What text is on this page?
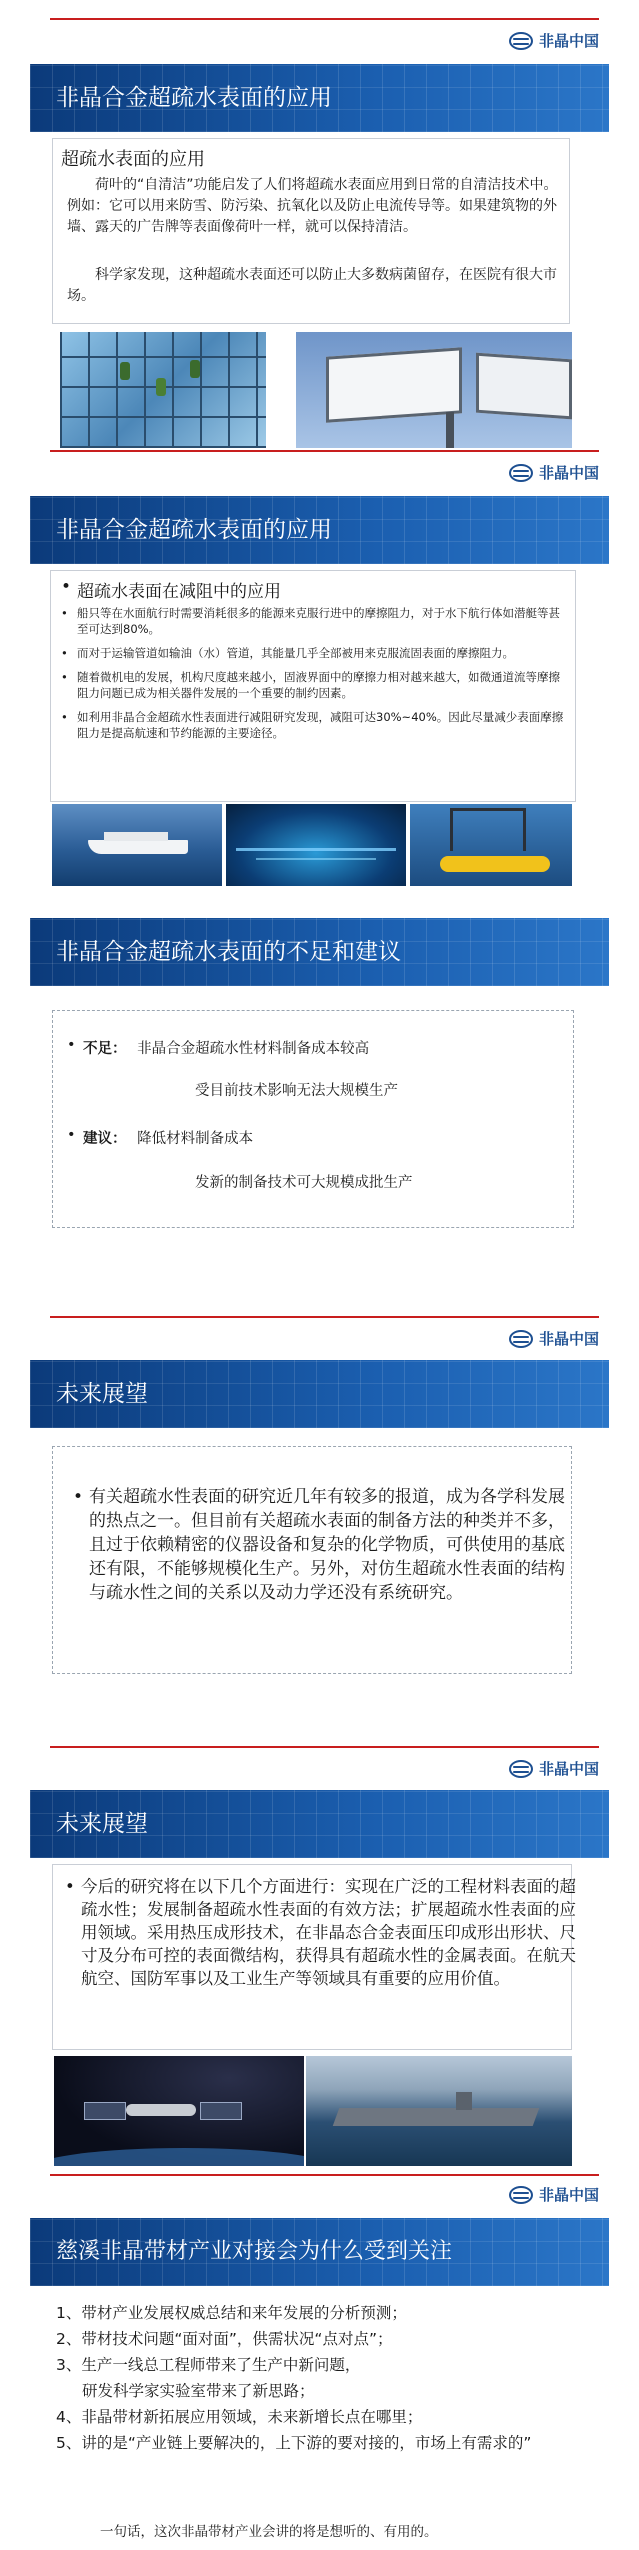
非晶中国
非晶合金超疏水表面的应用
超疏水表面的应用
荷叶的“自清洁”功能启发了人们将超疏水表面应用到日常的自清洁技术中。例如：它可以用来防雪、防污染、抗氧化以及防止电流传导等。如果建筑物的外墙、露天的广告牌等表面像荷叶一样，就可以保持清洁。
科学家发现，这种超疏水表面还可以防止大多数病菌留存，在医院有很大市场。
非晶中国
非晶合金超疏水表面的应用
• 超疏水表面在减阻中的应用
• 船只等在水面航行时需要消耗很多的能源来克服行进中的摩擦阻力，对于水下航行体如潜艇等甚至可达到80%。
• 而对于运输管道如输油（水）管道，其能量几乎全部被用来克服流固表面的摩擦阻力。
• 随着微机电的发展，机构尺度越来越小，固液界面中的摩擦力相对越来越大，如微通道流等摩擦阻力问题已成为相关器件发展的一个重要的制约因素。
• 如利用非晶合金超疏水性表面进行减阻研究发现，减阻可达30%~40%。因此尽量减少表面摩擦阻力是提高航速和节约能源的主要途径。
非晶合金超疏水表面的不足和建议
• 不足： 非晶合金超疏水性材料制备成本较高
受目前技术影响无法大规模生产
• 建议： 降低材料制备成本
发新的制备技术可大规模成批生产
非晶中国
未来展望
• 有关超疏水性表面的研究近几年有较多的报道，成为各学科发展的热点之一。但目前有关超疏水表面的制备方法的种类并不多，且过于依赖精密的仪器设备和复杂的化学物质，可供使用的基底还有限，不能够规模化生产。另外，对仿生超疏水性表面的结构与疏水性之间的关系以及动力学还没有系统研究。
非晶中国
未来展望
• 今后的研究将在以下几个方面进行：实现在广泛的工程材料表面的超疏水性；发展制备超疏水性表面的有效方法；扩展超疏水性表面的应用领域。采用热压成形技术，在非晶态合金表面压印成形出形状、尺寸及分布可控的表面微结构，获得具有超疏水性的金属表面。在航天航空、国防军事以及工业生产等领域具有重要的应用价值。
非晶中国
慈溪非晶带材产业对接会为什么受到关注
1、带材产业发展权威总结和来年发展的分析预测；
2、带材技术问题“面对面”，供需状况“点对点”；
3、生产一线总工程师带来了生产中新问题，
研发科学家实验室带来了新思路；
4、非晶带材新拓展应用领域，未来新增长点在哪里；
5、讲的是“产业链上要解决的，上下游的要对接的，市场上有需求的”
一句话，这次非晶带材产业会讲的将是想听的、有用的。
